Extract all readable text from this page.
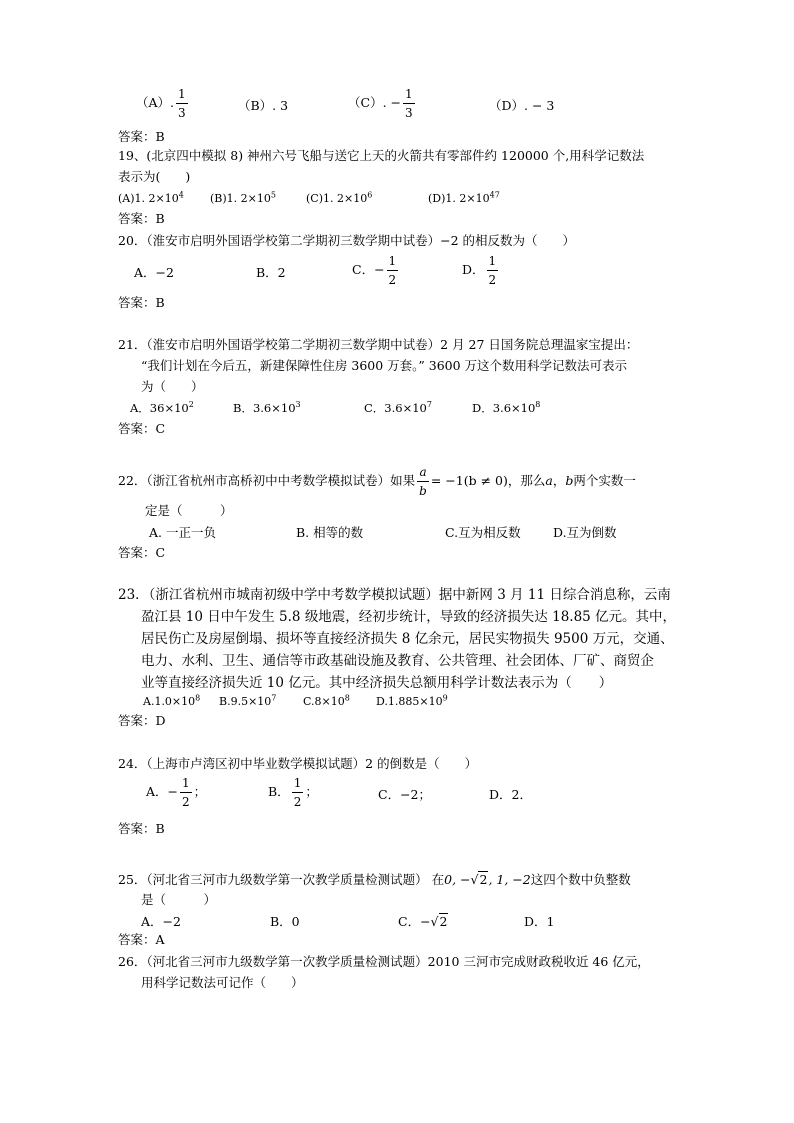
（A）. $\frac{1}{3}$	（B）. 3	（C）. − $\frac{1}{3}$	（D）. − 3
答案：B
19、(北京四中模拟 8) 神州六号飞船与送它上天的火箭共有零部件约 120000 个,用科学记数法
表示为(　　)
(A)1. $2\times 10^4$ (B)1. $2\times 10^5$	(C)1. $2\times 10^6$	(D)1. $2\times 10^{47}$
答案：B
20．（淮安市启明外国语学校第二学期初三数学期中试卷）−2 的相反数为（　　）
A．−2	B．2	C．− $\frac{1}{2}$	D． $\frac{1}{2}$
答案：B
21．（淮安市启明外国语学校第二学期初三数学期中试卷）2 月 27 日国务院总理温家宝提出：
“我们计划在今后五，新建保障性住房 3600 万套。” 3600 万这个数用科学记数法可表示
为（　　）
A．$36\times 10^2$	B．$3.6\times 10^3$	C．$3.6\times 10^7$	D．$3.6\times 10^8$
答案：C
22．（浙江省杭州市高桥初中中考数学模拟试卷）如果 $\frac{a}{b} = -1(b \ne 0)$，那么a，b两个实数一
定是（　　　）
A. 一正一负	B. 相等的数	C.互为相反数	D.互为倒数
答案：C
23．（浙江省杭州市城南初级中学中考数学模拟试题）据中新网 3 月 11 日综合消息称，云南
盈江县 10 日中午发生 5.8 级地震，经初步统计，导致的经济损失达 18.85 亿元。其中，
居民伤亡及房屋倒塌、损坏等直接经济损失 8 亿余元，居民实物损失 9500 万元，交通、
电力、水利、卫生、通信等市政基础设施及教育、公共管理、社会团体、厂矿、商贸企
业等直接经济损失近 10 亿元。其中经济损失总额用科学计数法表示为（　　）
$A.1.0\times 10^8$ $B.9.5\times 10^7$ $C.8\times 10^8$ $D.1.885\times 10^9$
答案：D
24．（上海市卢湾区初中毕业数学模拟试题）2 的倒数是（　　）
A．− $\frac{1}{2}$ ；	B． $\frac{1}{2}$ ；	C．−2；	D．2．
答案：B
25．（河北省三河市九级数学第一次教学质量检测试题） 在0, −√2, 1, −2这四个数中负整数
是（　　　）
A．−2	B．0	C．−√2	D．1
答案：A
26．（河北省三河市九级数学第一次教学质量检测试题）2010 三河市完成财政税收近 46 亿元，
用科学记数法可记作（　　）
